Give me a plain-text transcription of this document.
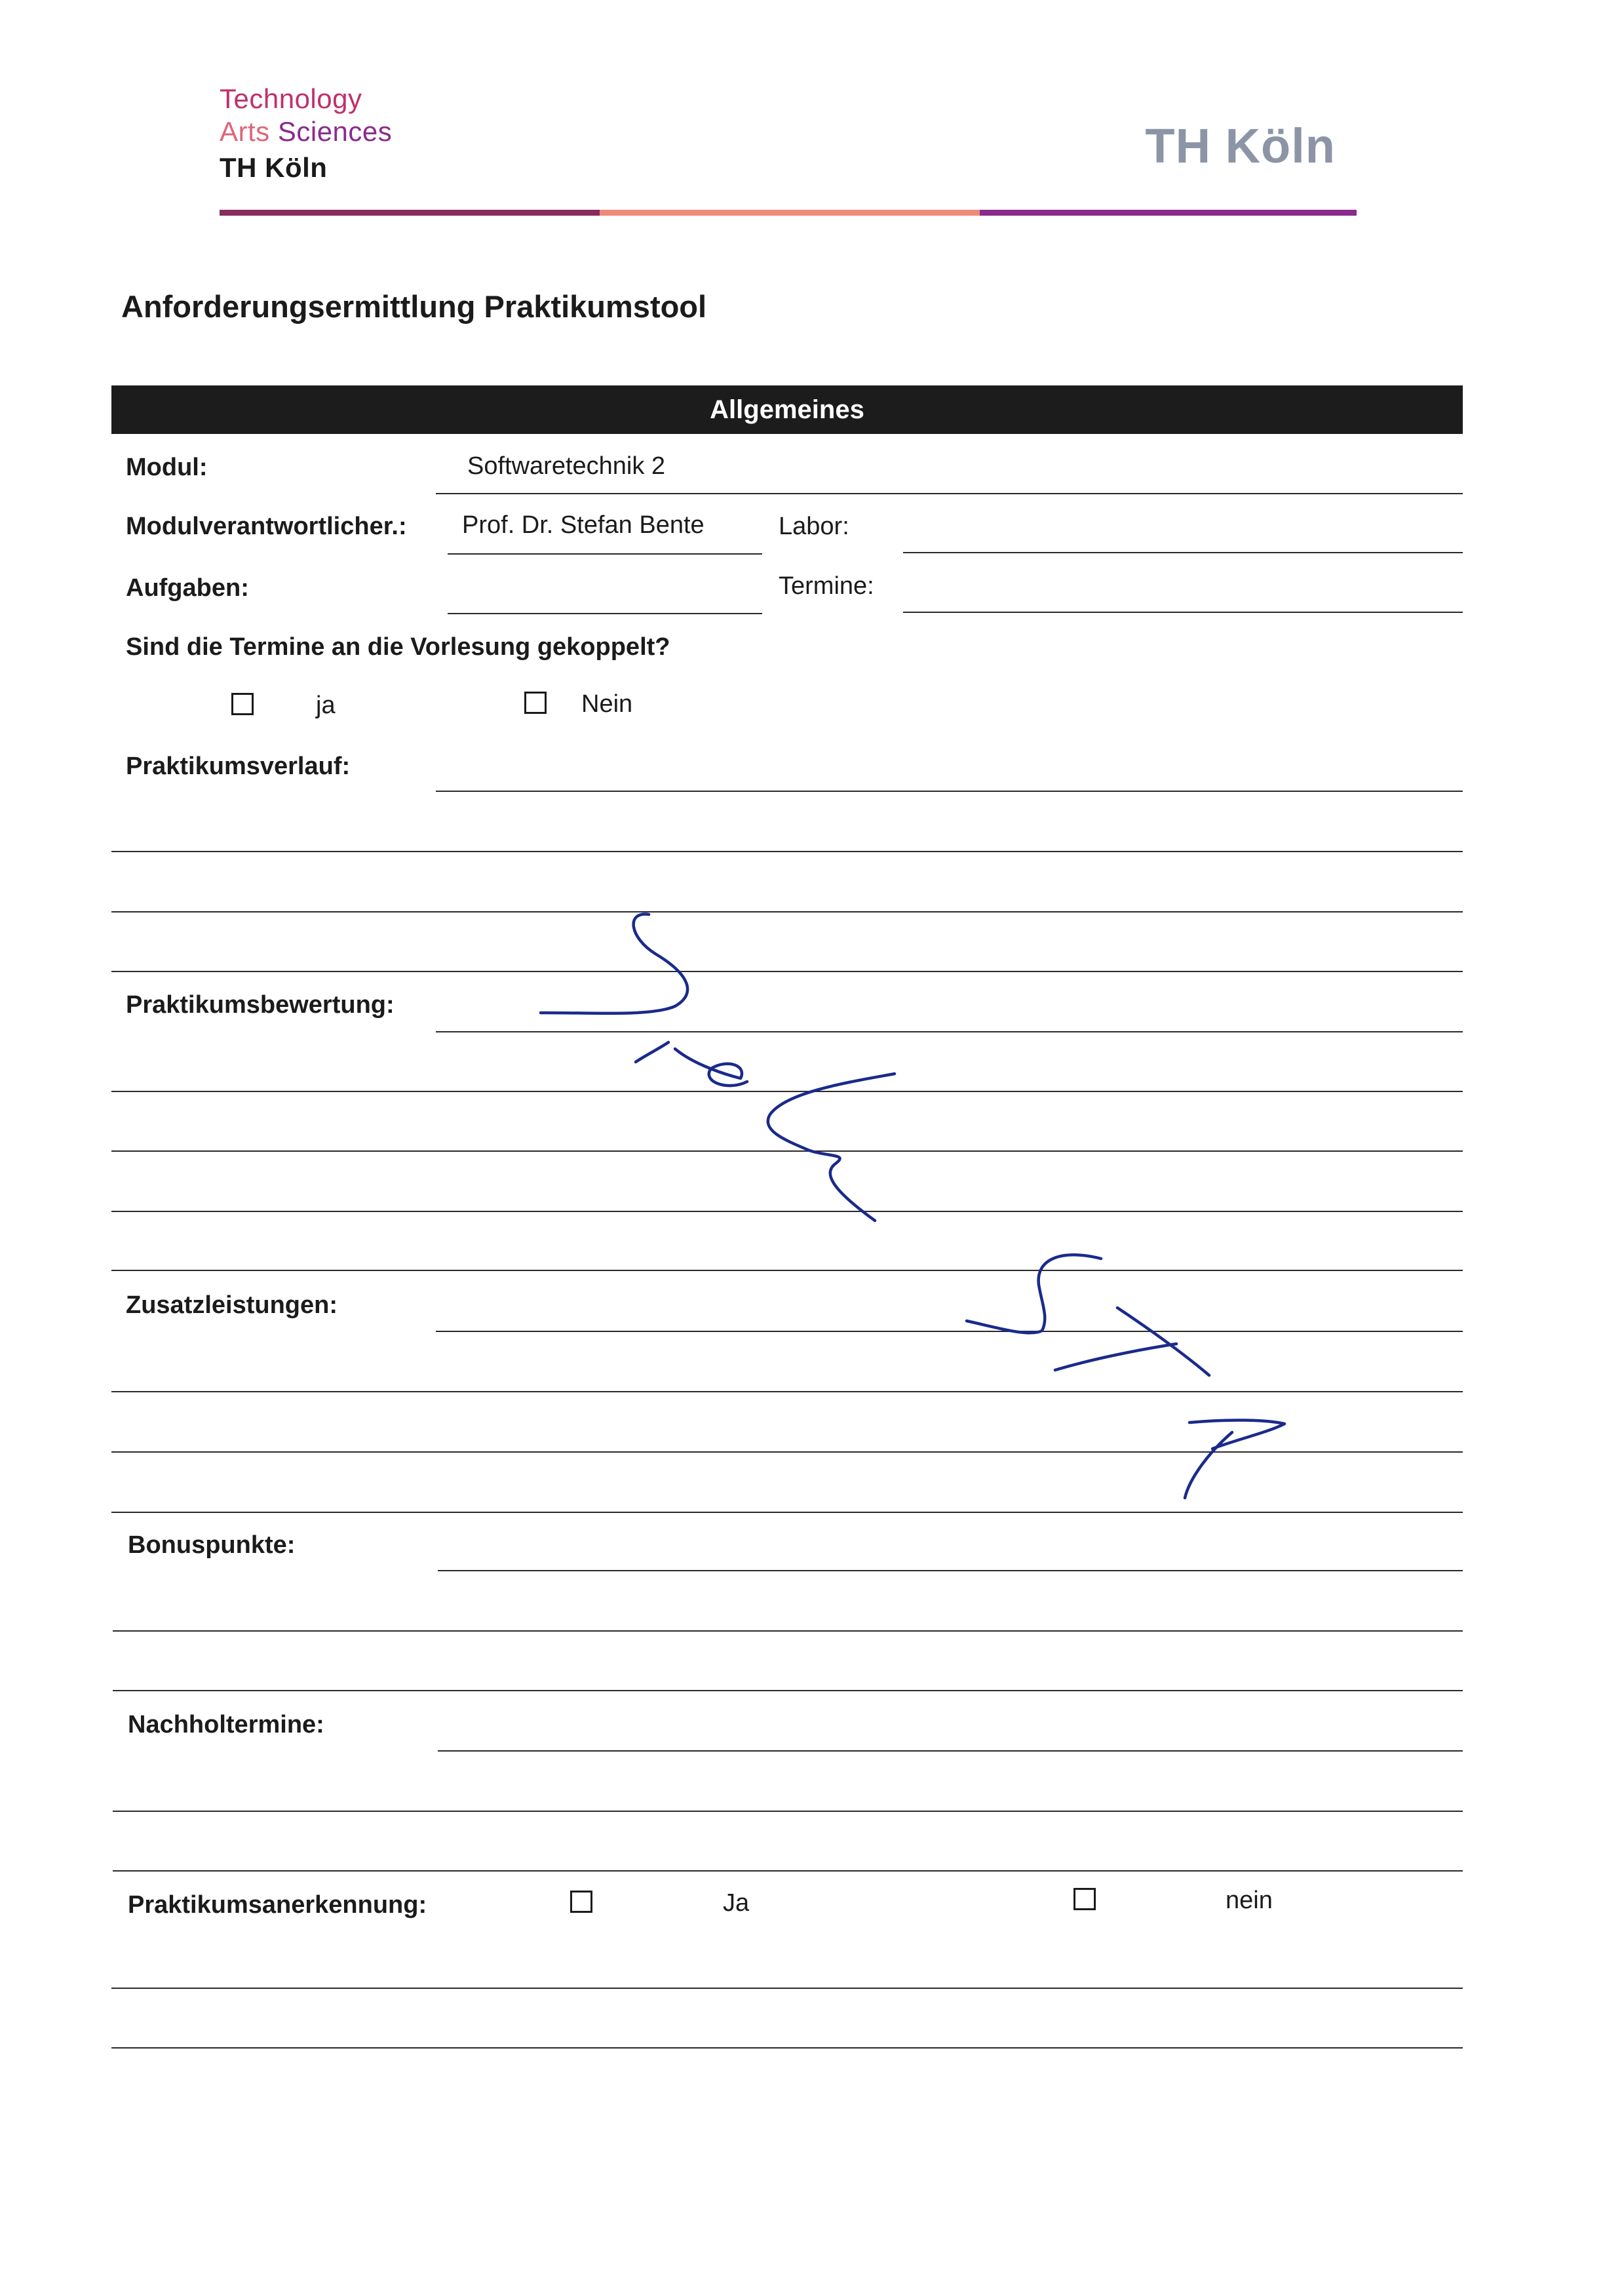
Technology
Arts Sciences
TH Köln	TH Köln
Anforderungsermittlung Praktikumstool
Allgemeines
Modul:	Softwaretechnik 2
Modulverantwortlicher.: Prof. Dr. Stefan Bente	Labor:
Aufgaben:	Termine:
Sind die Termine an die Vorlesung gekoppelt?
ja	Nein
Praktikumsverlauf:
Praktikumsbewertung:
Zusatzleistungen:
Bonuspunkte:
Nachholtermine:
Praktikumsanerkennung:	Ja	nein
